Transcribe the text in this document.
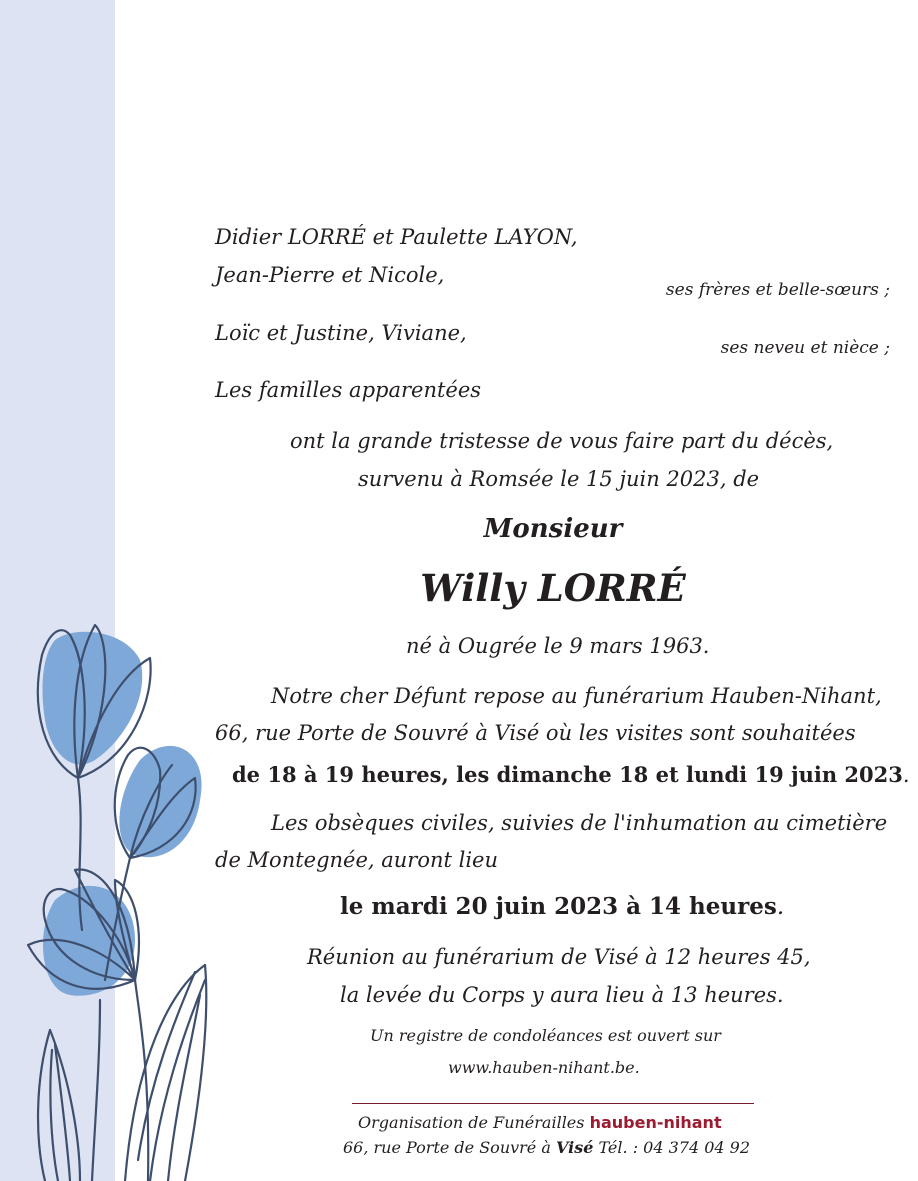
Didier LORRÉ et Paulette LAYON,
Jean-Pierre et Nicole,
ses frères et belle-sœurs ;
Loïc et Justine, Viviane,
ses neveu et nièce ;
Les familles apparentées
ont la grande tristesse de vous faire part du décès,
survenu à Romsée le 15 juin 2023, de
Monsieur
Willy LORRÉ
né à Ougrée le 9 mars 1963.
Notre cher Défunt repose au funérarium Hauben-Nihant,
66, rue Porte de Souvré à Visé où les visites sont souhaitées
de 18 à 19 heures, les dimanche 18 et lundi 19 juin 2023.
Les obsèques civiles, suivies de l'inhumation au cimetière
de Montegnée, auront lieu
le mardi 20 juin 2023 à 14 heures.
Réunion au funérarium de Visé à 12 heures 45,
la levée du Corps y aura lieu à 13 heures.
Un registre de condoléances est ouvert sur
www.hauben-nihant.be.
Organisation de Funérailles hauben-nihant
66, rue Porte de Souvré à Visé Tél. : 04 374 04 92
